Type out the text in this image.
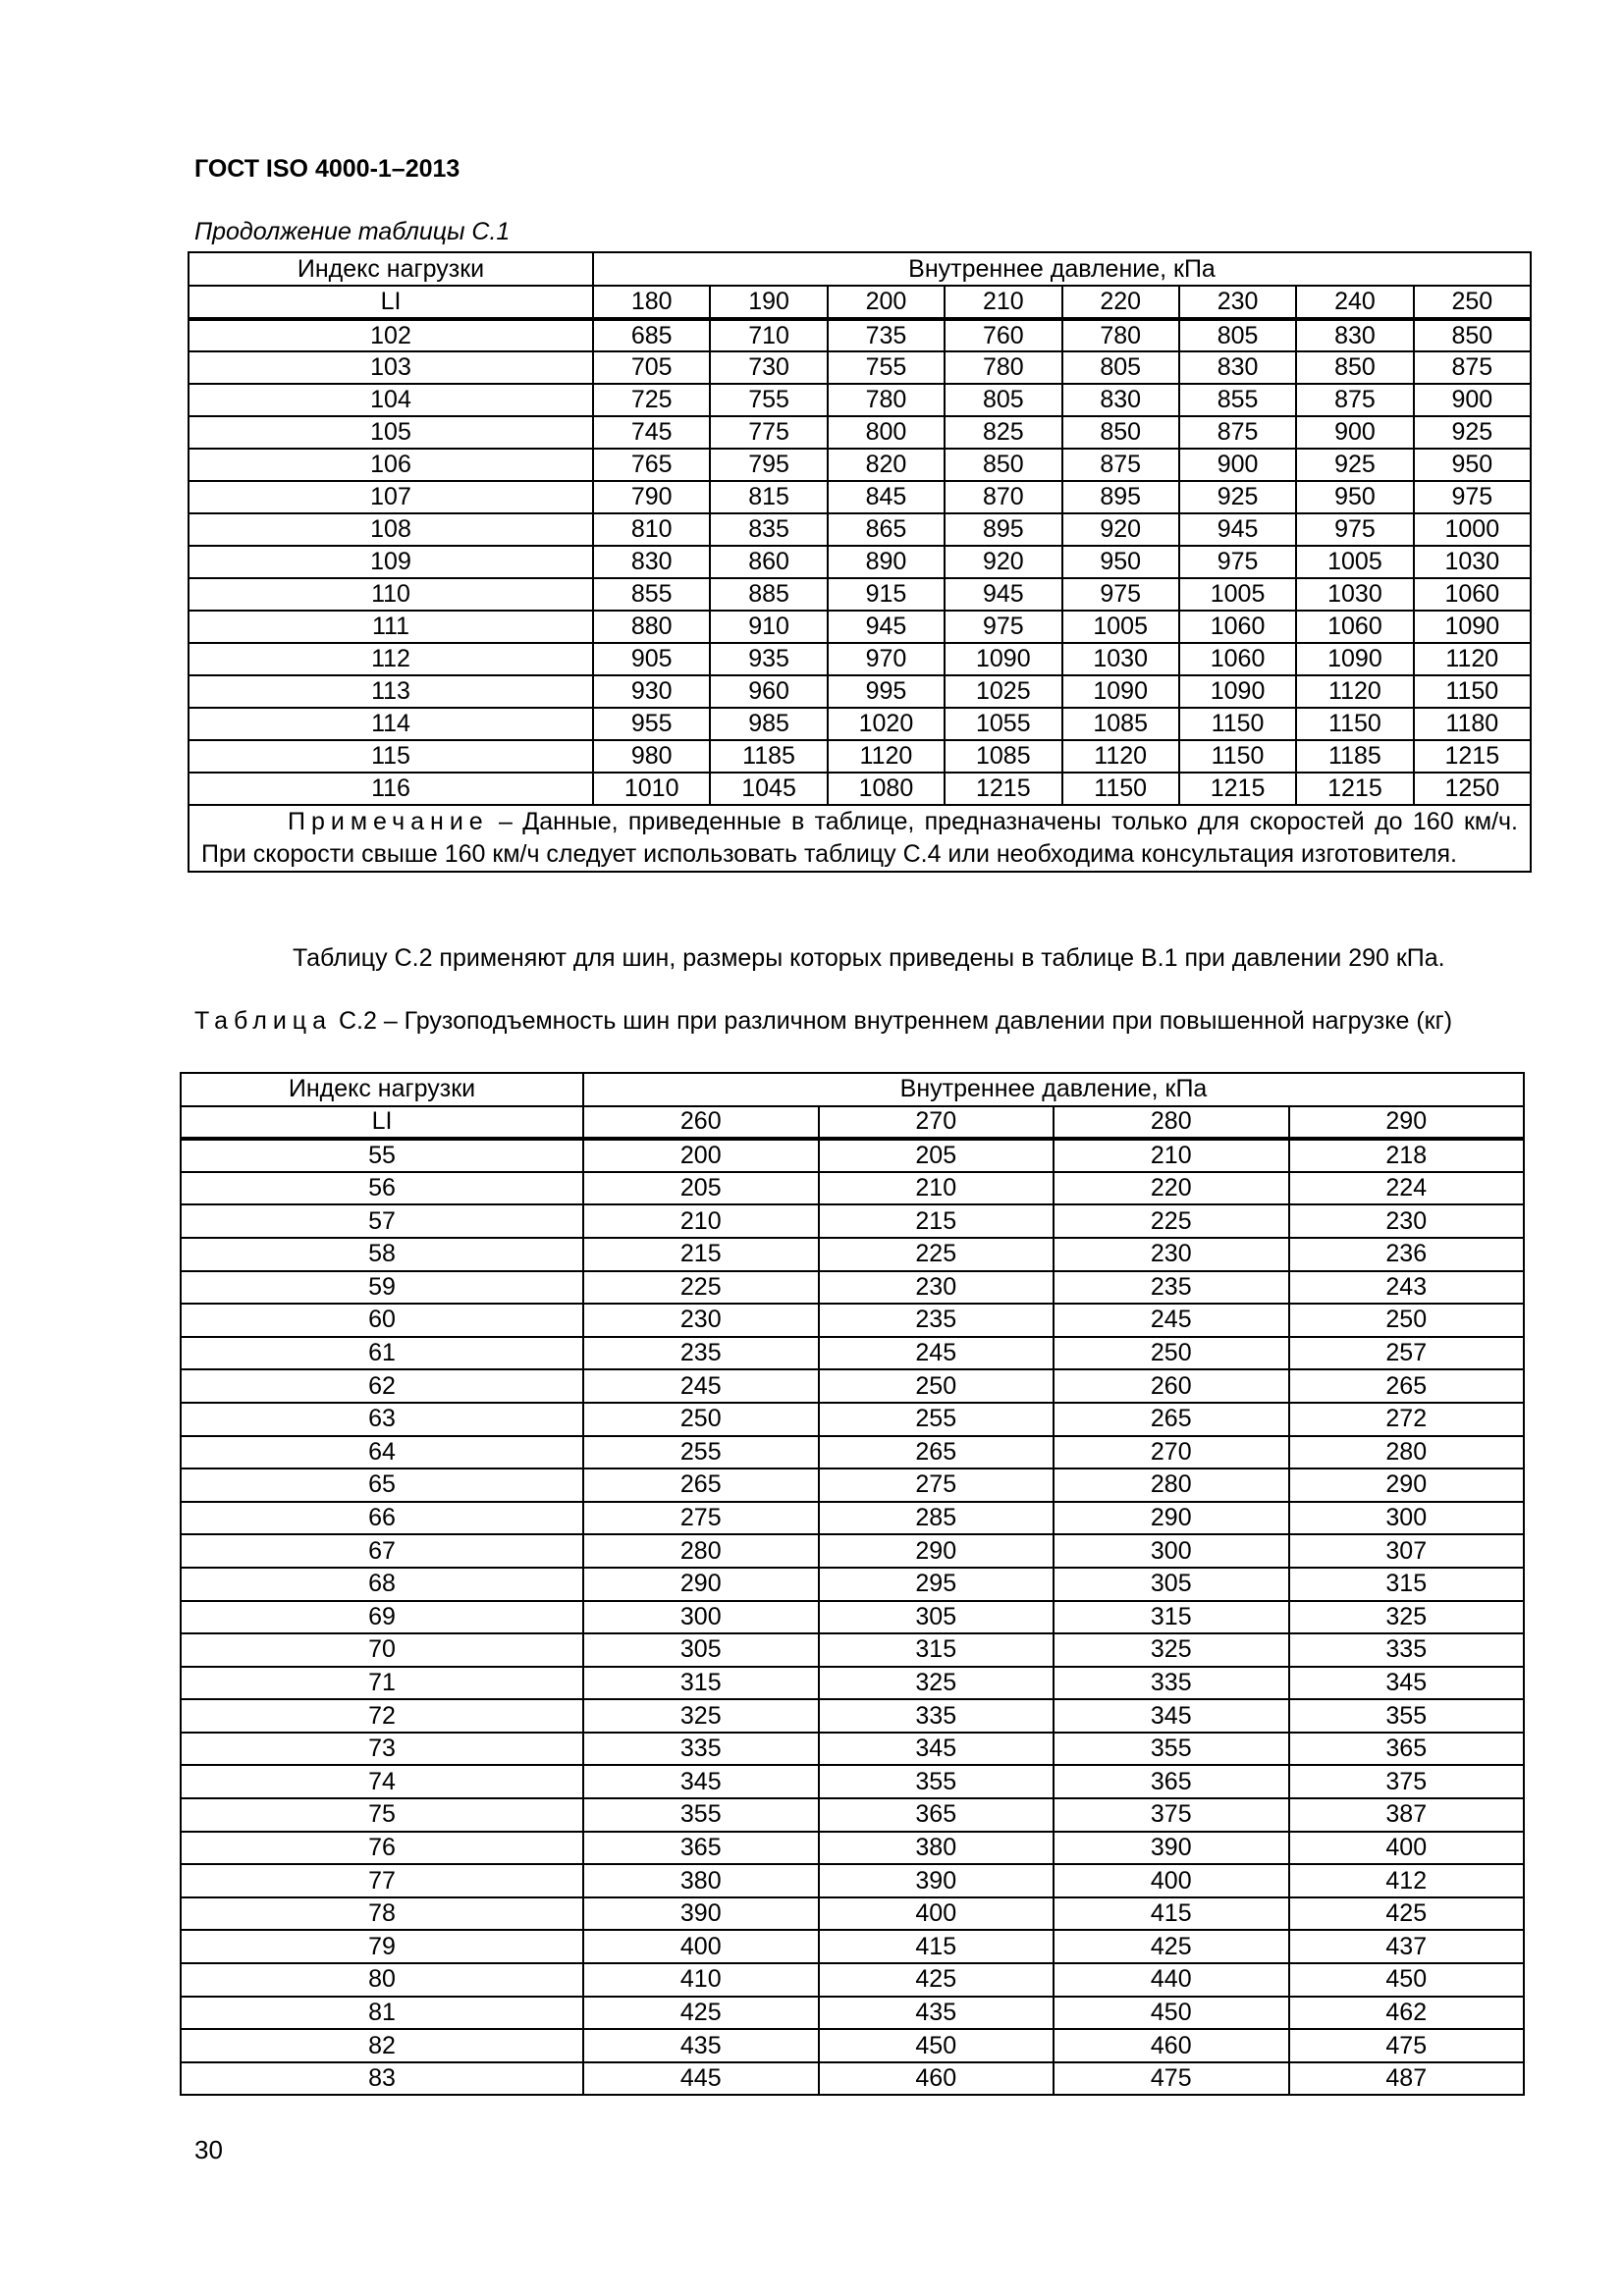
ГОСТ ISO 4000-1–2013
Продолжение таблицы С.1
Индекс нагрузки	Внутреннее давление, кПа							
LI	180	190	200	210	220	230	240	250
102	685	710	735	760	780	805	830	850
103	705	730	755	780	805	830	850	875
104	725	755	780	805	830	855	875	900
105	745	775	800	825	850	875	900	925
106	765	795	820	850	875	900	925	950
107	790	815	845	870	895	925	950	975
108	810	835	865	895	920	945	975	1000
109	830	860	890	920	950	975	1005	1030
110	855	885	915	945	975	1005	1030	1060
111	880	910	945	975	1005	1060	1060	1090
112	905	935	970	1090	1030	1060	1090	1120
113	930	960	995	1025	1090	1090	1120	1150
114	955	985	1020	1055	1085	1150	1150	1180
115	980	1185	1120	1085	1120	1150	1185	1215
116	1010	1045	1080	1215	1150	1215	1215	1250
Примечание – Данные, приведенные в таблице, предназначены только для скоростей до 160 км/ч. При скорости свыше 160 км/ч следует использовать таблицу С.4 или необходима консультация изготовителя.								
Таблицу С.2 применяют для шин, размеры которых приведены в таблице В.1 при давлении 290 кПа.
Таблица С.2 – Грузоподъемность шин при различном внутреннем давлении при повышенной нагрузке (кг)
Индекс нагрузки	Внутреннее давление, кПа			
LI	260	270	280	290
55	200	205	210	218
56	205	210	220	224
57	210	215	225	230
58	215	225	230	236
59	225	230	235	243
60	230	235	245	250
61	235	245	250	257
62	245	250	260	265
63	250	255	265	272
64	255	265	270	280
65	265	275	280	290
66	275	285	290	300
67	280	290	300	307
68	290	295	305	315
69	300	305	315	325
70	305	315	325	335
71	315	325	335	345
72	325	335	345	355
73	335	345	355	365
74	345	355	365	375
75	355	365	375	387
76	365	380	390	400
77	380	390	400	412
78	390	400	415	425
79	400	415	425	437
80	410	425	440	450
81	425	435	450	462
82	435	450	460	475
83	445	460	475	487
30
